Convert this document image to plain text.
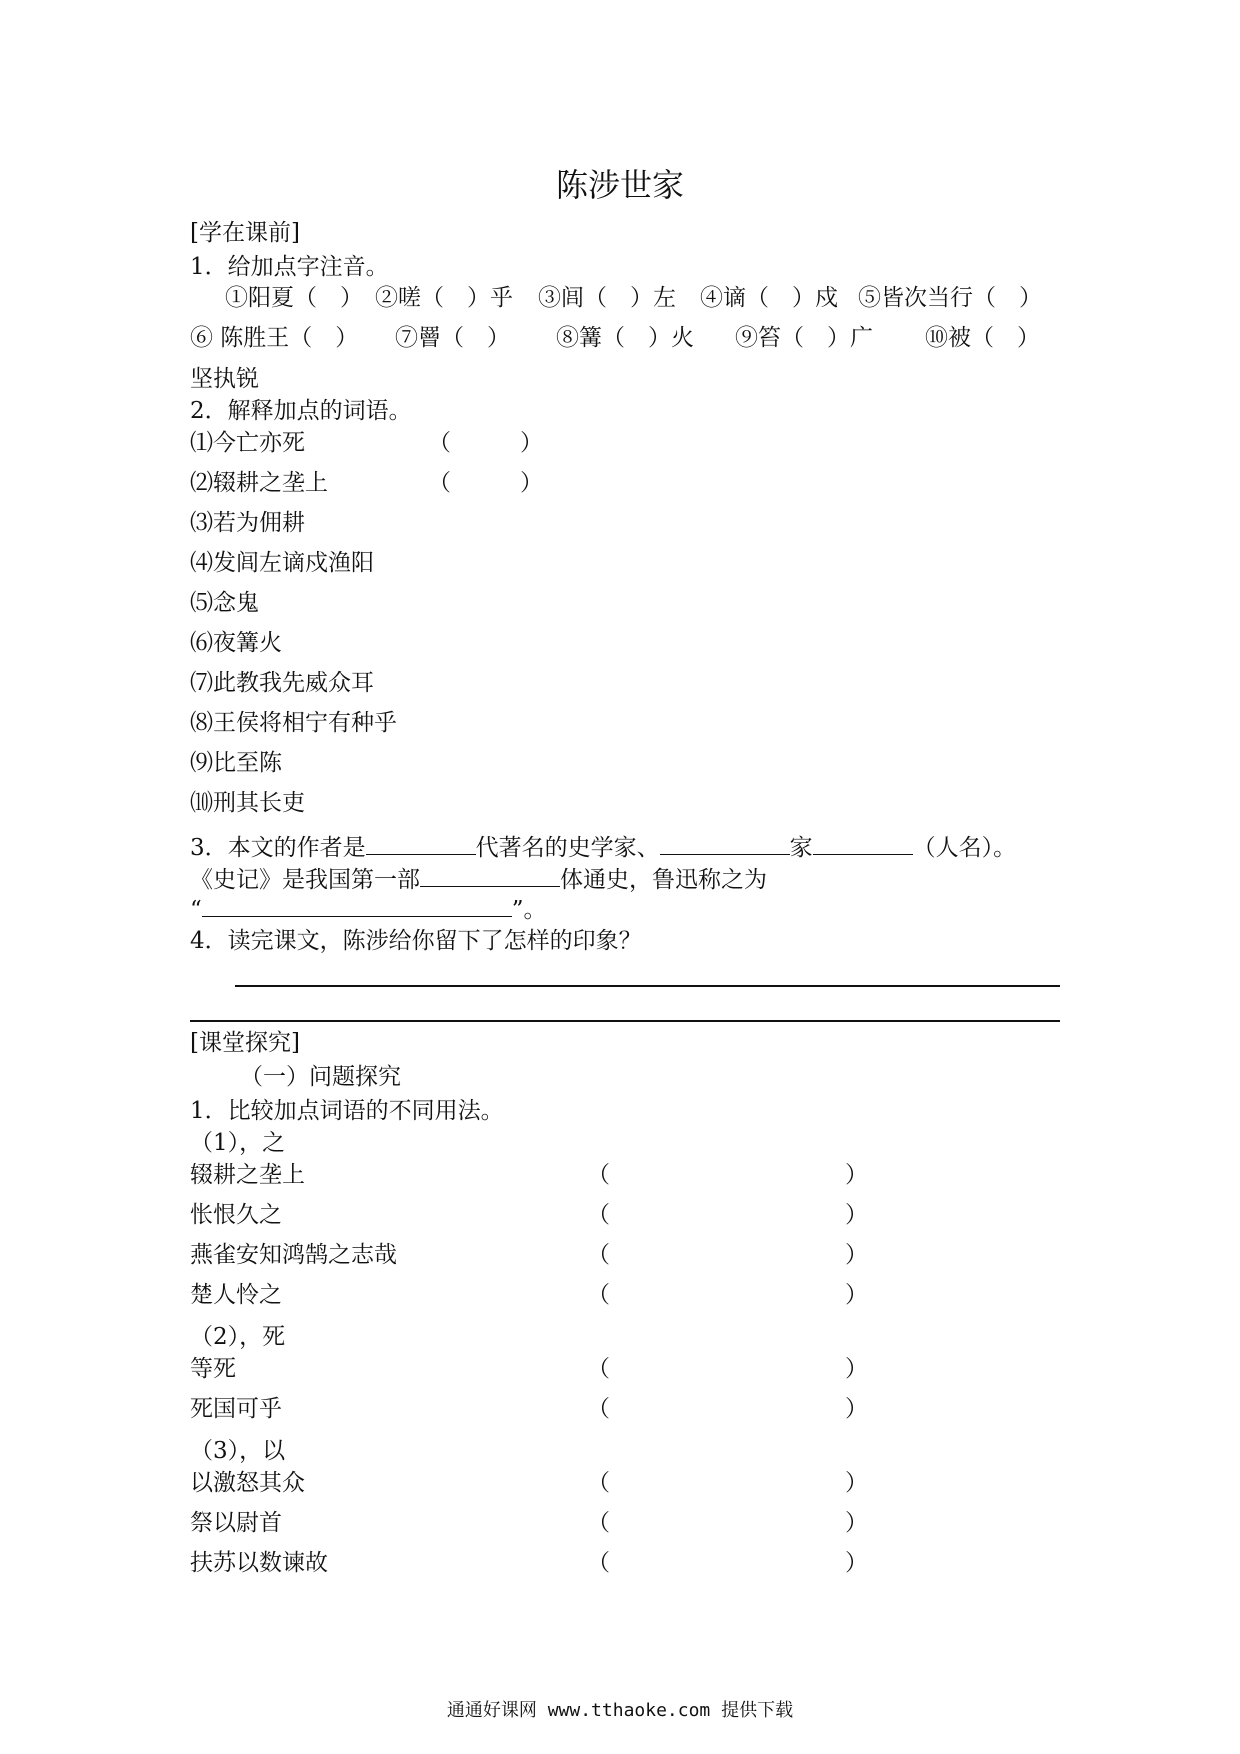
陈涉世家
[学在课前]
1．给加点字注音。
①阳夏（　） ②嗟（　）乎 ③闾（　）左 ④谪（　）戍 ⑤皆次当行（　）
⑥ 陈胜王（　） ⑦罾（　） ⑧篝（　）火 ⑨笞（　）广 ⑩被（　）
坚执锐
2．解释加点的词语。
⑴今亡亦死	（　　　）
⑵辍耕之垄上	（　　　）
⑶若为佣耕
⑷发闾左谪戍渔阳
⑸念鬼
⑹夜篝火
⑺此教我先威众耳
⑻王侯将相宁有种乎
⑼比至陈
⑽刑其长吏
3．本文的作者是	代著名的史学家、	家	（人名）。
《史记》是我国第一部	体通史，鲁迅称之为
“	”。
4．读完课文，陈涉给你留下了怎样的印象？
[课堂探究]
（一）问题探究
1．比较加点词语的不同用法。
（1），之
辍耕之垄上	（	）
怅恨久之	（	）
燕雀安知鸿鹄之志哉	（	）
楚人怜之	（	）
（2），死
等死	（	）
死国可乎	（	）
（3），以
以激怒其众	（	）
祭以尉首	（	）
扶苏以数谏故	（	）
通通好课网 www.tthaoke.com 提供下载
